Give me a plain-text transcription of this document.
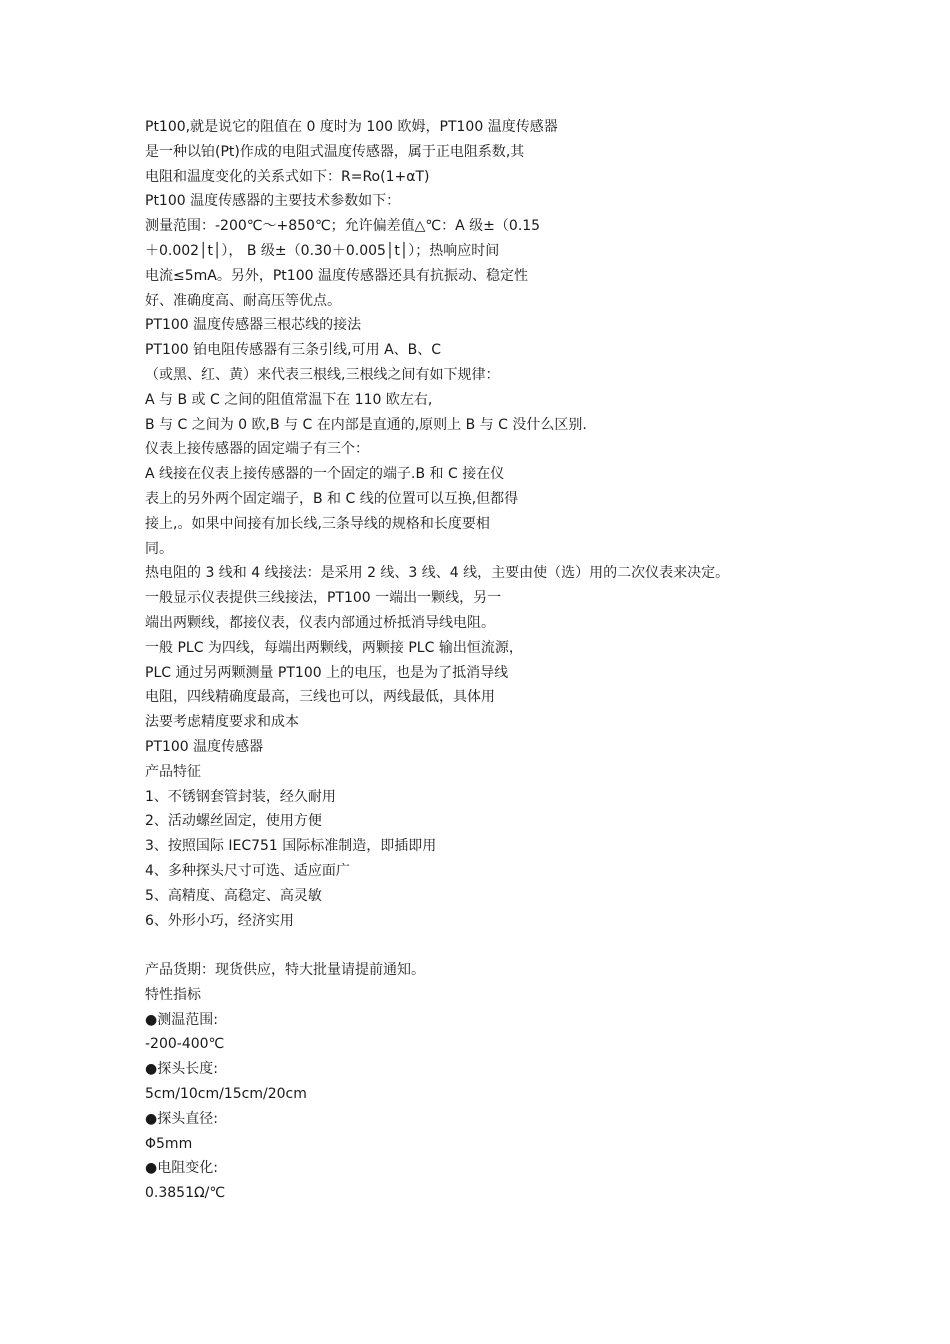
Pt100,就是说它的阻值在 0 度时为 100 欧姆，PT100 温度传感器
是一种以铂(Pt)作成的电阻式温度传感器，属于正电阻系数,其
电阻和温度变化的关系式如下：R=Ro(1+αT)
Pt100 温度传感器的主要技术参数如下：
测量范围：-200℃～+850℃；允许偏差值△℃：A 级±（0.15
＋0.002│t│）， B 级±（0.30＋0.005│t│）；热响应时间
电流≤5mA。另外，Pt100 温度传感器还具有抗振动、稳定性
好、准确度高、耐高压等优点。
PT100 温度传感器三根芯线的接法
PT100 铂电阻传感器有三条引线,可用 A、B、C
（或黑、红、黄）来代表三根线,三根线之间有如下规律：
A 与 B 或 C 之间的阻值常温下在 110 欧左右,
B 与 C 之间为 0 欧,B 与 C 在内部是直通的,原则上 B 与 C 没什么区别.
仪表上接传感器的固定端子有三个：
A 线接在仪表上接传感器的一个固定的端子.B 和 C 接在仪
表上的另外两个固定端子，B 和 C 线的位置可以互换,但都得
接上,。如果中间接有加长线,三条导线的规格和长度要相
同。
热电阻的 3 线和 4 线接法：是采用 2 线、3 线、4 线，主要由使（选）用的二次仪表来决定。
一般显示仪表提供三线接法，PT100 一端出一颗线，另一
端出两颗线，都接仪表，仪表内部通过桥抵消导线电阻。
一般 PLC 为四线，每端出两颗线，两颗接 PLC 输出恒流源，
PLC 通过另两颗测量 PT100 上的电压，也是为了抵消导线
电阻，四线精确度最高，三线也可以，两线最低，具体用
法要考虑精度要求和成本
PT100 温度传感器
产品特征
1、不锈钢套管封装，经久耐用
2、活动螺丝固定，使用方便
3、按照国际 IEC751 国际标准制造，即插即用
4、多种探头尺寸可选、适应面广
5、高精度、高稳定、高灵敏
6、外形小巧，经济实用
产品货期：现货供应，特大批量请提前通知。
特性指标
●测温范围:
-200-400℃
●探头长度:
5cm/10cm/15cm/20cm
●探头直径:
Φ5mm
●电阻变化:
0.3851Ω/℃
